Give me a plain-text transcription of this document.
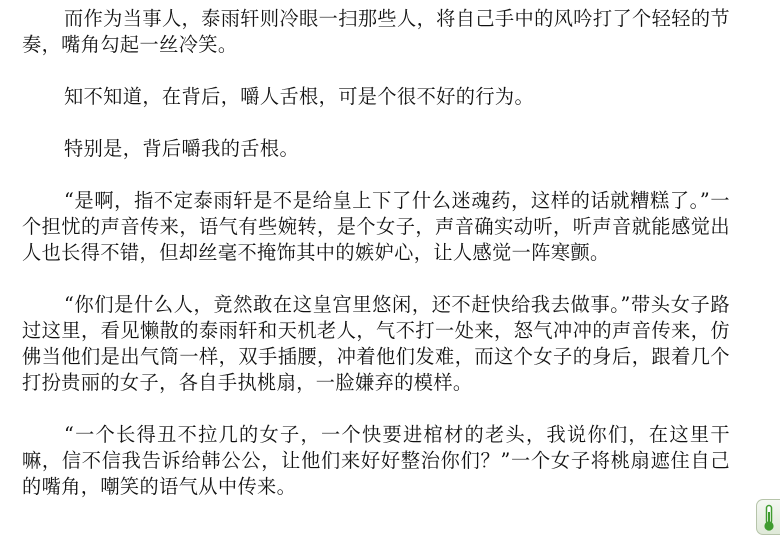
而作为当事人，泰雨轩则冷眼一扫那些人，将自己手中的风吟打了个轻轻的节奏，嘴角勾起一丝冷笑。

知不知道，在背后，嚼人舌根，可是个很不好的行为。

特别是，背后嚼我的舌根。

“是啊，指不定泰雨轩是不是给皇上下了什么迷魂药，这样的话就糟糕了。”一个担忧的声音传来，语气有些婉转，是个女子，声音确实动听，听声音就能感觉出人也长得不错，但却丝毫不掩饰其中的嫉妒心，让人感觉一阵寒颤。

“你们是什么人，竟然敢在这皇宫里悠闲，还不赶快给我去做事。”带头女子路过这里，看见懒散的泰雨轩和天机老人，气不打一处来，怒气冲冲的声音传来，仿佛当他们是出气筒一样，双手插腰，冲着他们发难，而这个女子的身后，跟着几个打扮贵丽的女子，各自手执桃扇，一脸嫌弃的模样。

“一个长得丑不拉几的女子，一个快要进棺材的老头，我说你们，在这里干嘛，信不信我告诉给韩公公，让他们来好好整治你们？”一个女子将桃扇遮住自己的嘴角，嘲笑的语气从中传来。
